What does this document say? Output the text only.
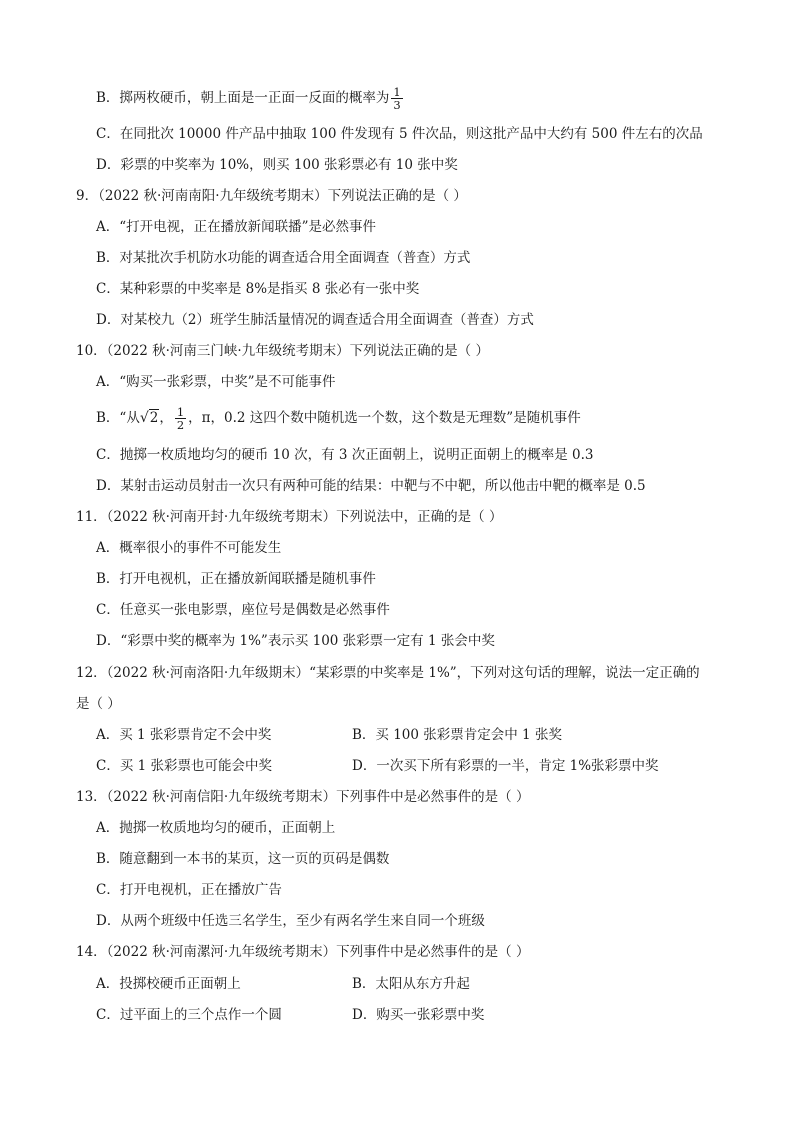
B．掷两枚硬币，朝上面是一正面一反面的概率为 $\frac{1}{3}$
C．在同批次 10000 件产品中抽取 100 件发现有 5 件次品，则这批产品中大约有 500 件左右的次品
D．彩票的中奖率为 10%，则买 100 张彩票必有 10 张中奖
9．（2022 秋·河南南阳·九年级统考期末）下列说法正确的是（ ）
A．“打开电视，正在播放新闻联播”是必然事件
B．对某批次手机防水功能的调查适合用全面调查（普查）方式
C．某种彩票的中奖率是 8%是指买 8 张必有一张中奖
D．对某校九（2）班学生肺活量情况的调查适合用全面调查（普查）方式
10．（2022 秋·河南三门峡·九年级统考期末）下列说法正确的是（ ）
A．“购买一张彩票，中奖”是不可能事件
B．“从√2， $\frac{1}{2}$ ，π，0.2 这四个数中随机选一个数，这个数是无理数”是随机事件
C．抛掷一枚质地均匀的硬币 10 次，有 3 次正面朝上，说明正面朝上的概率是 0.3
D．某射击运动员射击一次只有两种可能的结果：中靶与不中靶，所以他击中靶的概率是 0.5
11．（2022 秋·河南开封·九年级统考期末）下列说法中，正确的是（ ）
A．概率很小的事件不可能发生
B．打开电视机，正在播放新闻联播是随机事件
C．任意买一张电影票，座位号是偶数是必然事件
D．“彩票中奖的概率为 1%”表示买 100 张彩票一定有 1 张会中奖
12．（2022 秋·河南洛阳·九年级期末）“某彩票的中奖率是 1%”，下列对这句话的理解，说法一定正确的
是（ ）
A．买 1 张彩票肯定不会中奖	B．买 100 张彩票肯定会中 1 张奖
C．买 1 张彩票也可能会中奖	D．一次买下所有彩票的一半，肯定 1%张彩票中奖
13．（2022 秋·河南信阳·九年级统考期末）下列事件中是必然事件的是（ ）
A．抛掷一枚质地均匀的硬币，正面朝上
B．随意翻到一本书的某页，这一页的页码是偶数
C．打开电视机，正在播放广告
D．从两个班级中任选三名学生，至少有两名学生来自同一个班级
14．（2022 秋·河南漯河·九年级统考期末）下列事件中是必然事件的是（ ）
A．投掷校硬币正面朝上	B．太阳从东方升起
C．过平面上的三个点作一个圆	D．购买一张彩票中奖
